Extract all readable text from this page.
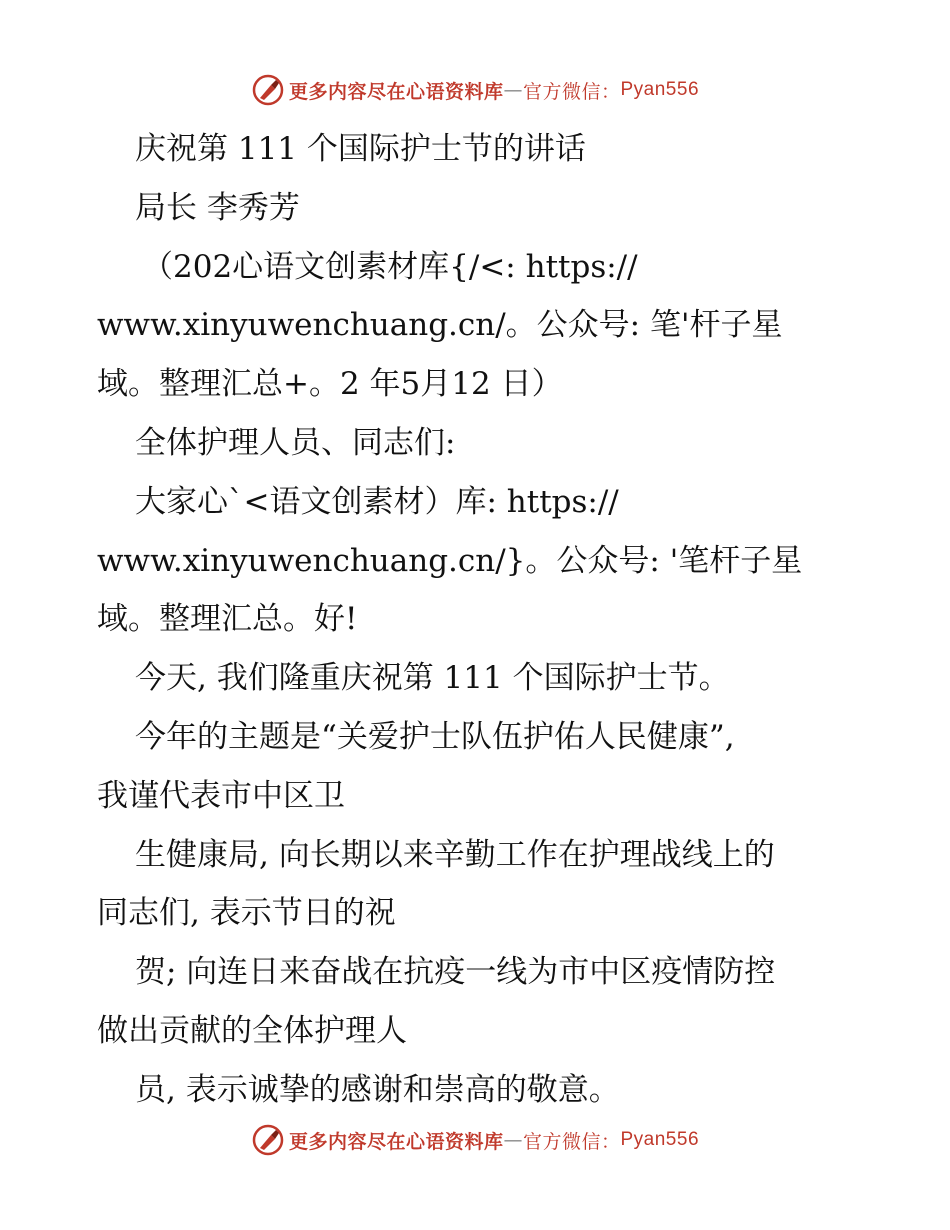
更多内容尽在心语资料库 — 官方微信： Pyan556

庆祝第 111 个国际护士节的讲话

局长 李秀芳

（202心语文创素材库{/<: https://

www.xinyuwenchuang.cn/。公众号: 笔'杆子星

域。整理汇总+。2 年5月12 日）

全体护理人员、同志们:

大家心`<语文创素材）库: https://

www.xinyuwenchuang.cn/}。公众号: '笔杆子星

域。整理汇总。好!

今天, 我们隆重庆祝第 111 个国际护士节。

今年的主题是“关爱护士队伍护佑人民健康”,

我谨代表市中区卫

生健康局, 向长期以来辛勤工作在护理战线上的

同志们, 表示节日的祝

贺; 向连日来奋战在抗疫一线为市中区疫情防控

做出贡献的全体护理人

员, 表示诚挚的感谢和崇高的敬意。

更多内容尽在心语资料库 — 官方微信： Pyan556
